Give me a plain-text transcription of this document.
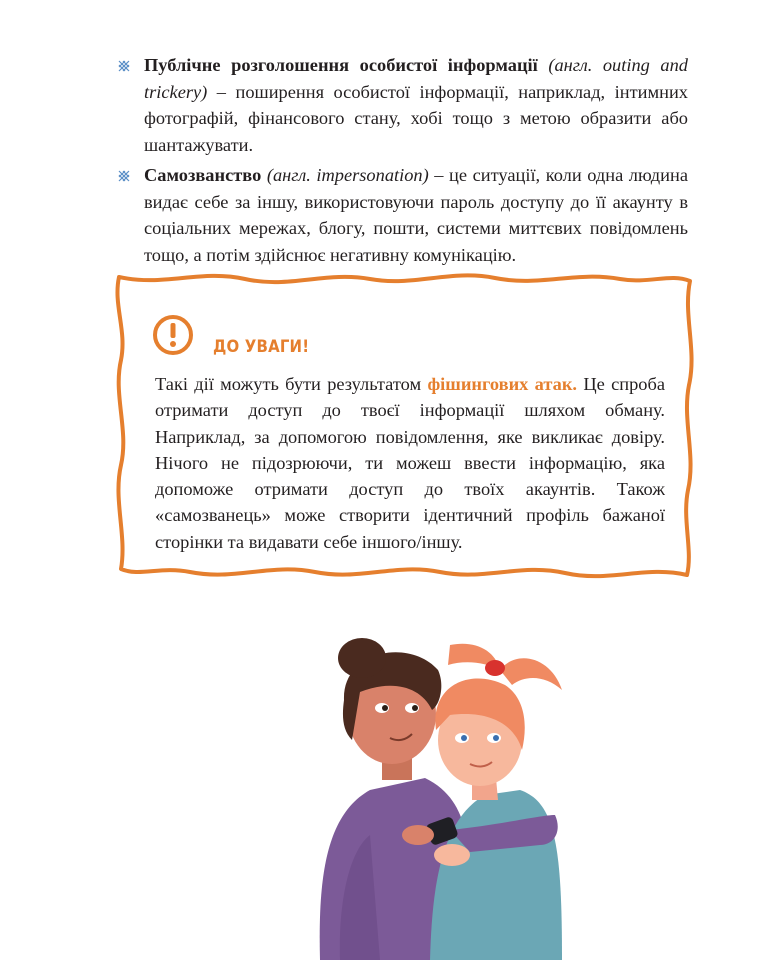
Публічне розголошення особистої інформації (англ. outing and trickery) – поширення особистої інформації, наприклад, інтимних фотографій, фінансового стану, хобі тощо з метою образити або шантажувати.

Самозванство (англ. impersonation) – це ситуації, коли одна людина видає себе за іншу, використовуючи пароль доступу до її акаунту в соціальних мережах, блогу, пошти, системи миттєвих повідомлень тощо, а потім здійснює негативну комунікацію.

ДО УВАГИ!

Такі дії можуть бути результатом фішингових атак. Це спроба отримати доступ до твоєї інформації шляхом обману. Наприклад, за допомогою повідомлення, яке викликає довіру. Нічого не підозрюючи, ти можеш ввести інформацію, яка допоможе отримати доступ до твоїх акаунтів. Також «самозванець» може створити ідентичний профіль бажаної сторінки та видавати себе іншого/іншу.
